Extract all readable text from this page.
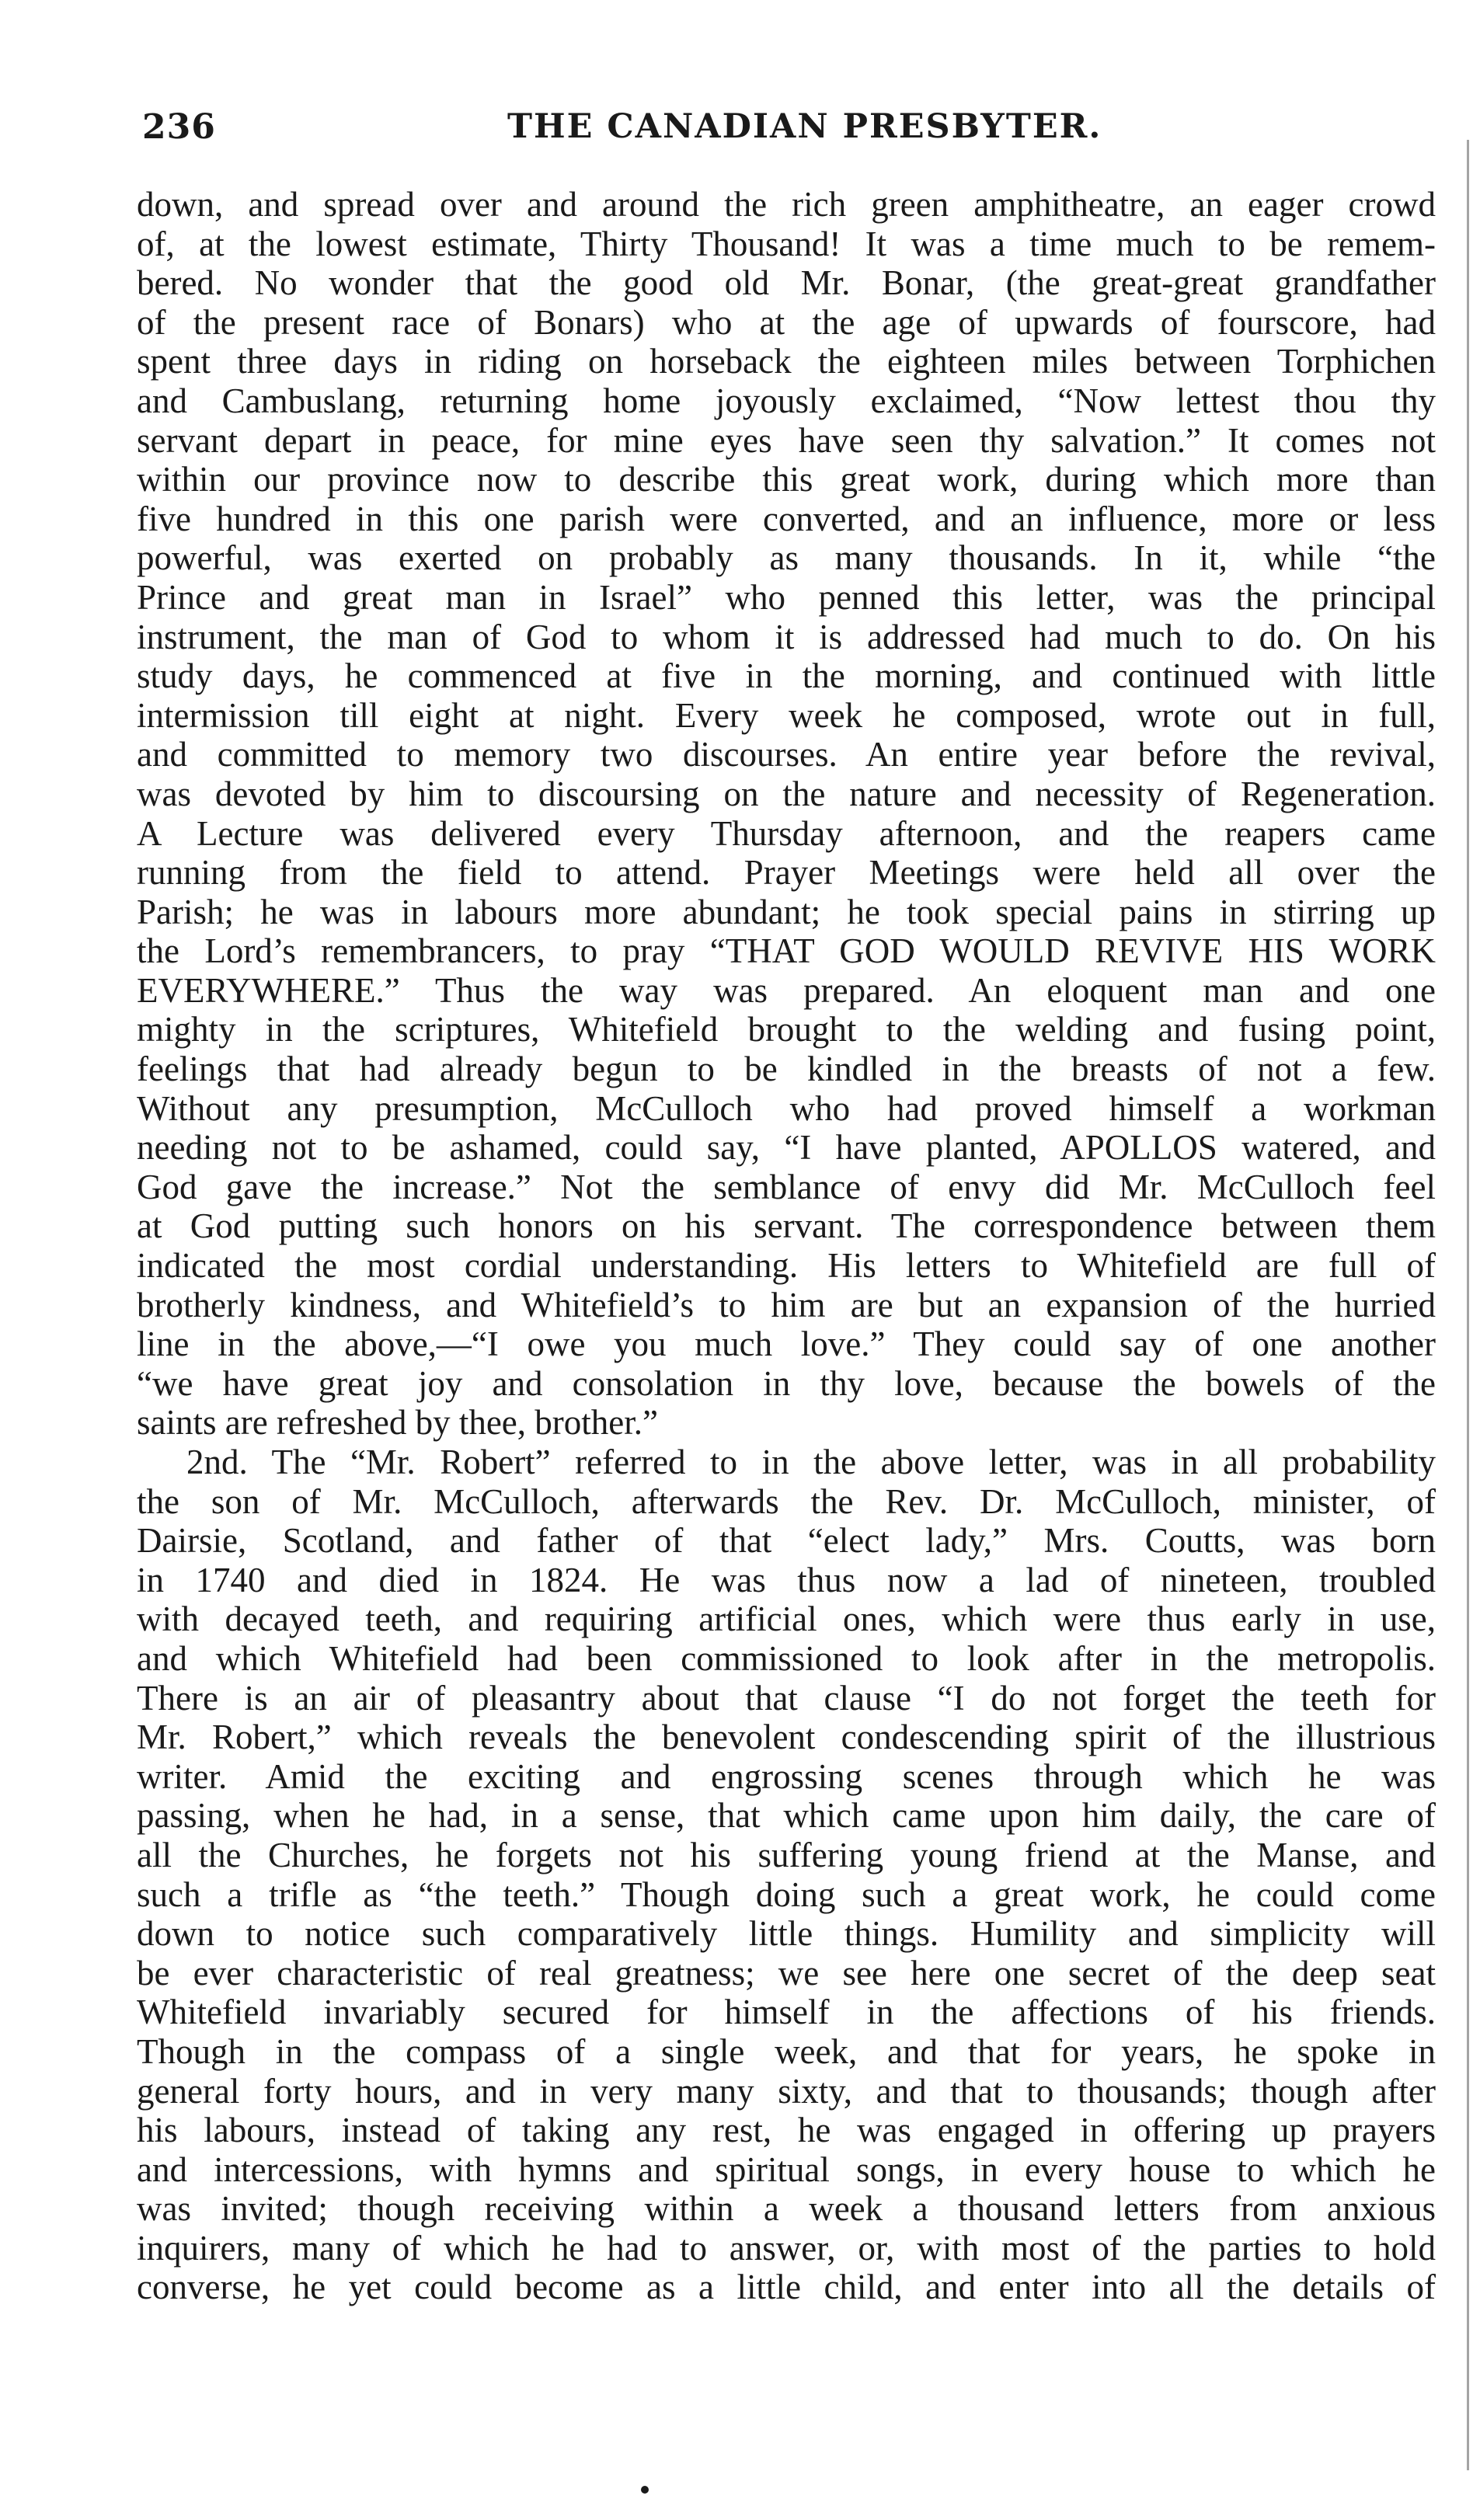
236	THE CANADIAN PRESBYTER.
down, and spread over and around the rich green amphitheatre, an eager crowd
of, at the lowest estimate, Thirty Thousand! It was a time much to be remem-
bered. No wonder that the good old Mr. Bonar, (the great-great grandfather
of the present race of Bonars) who at the age of upwards of fourscore, had
spent three days in riding on horseback the eighteen miles between Torphichen
and Cambuslang, returning home joyously exclaimed, “Now lettest thou thy
servant depart in peace, for mine eyes have seen thy salvation.” It comes not
within our province now to describe this great work, during which more than
five hundred in this one parish were converted, and an influence, more or less
powerful, was exerted on probably as many thousands. In it, while “the
Prince and great man in Israel” who penned this letter, was the principal
instrument, the man of God to whom it is addressed had much to do. On his
study days, he commenced at five in the morning, and continued with little
intermission till eight at night. Every week he composed, wrote out in full,
and committed to memory two discourses. An entire year before the revival,
was devoted by him to discoursing on the nature and necessity of Regeneration.
A Lecture was delivered every Thursday afternoon, and the reapers came
running from the field to attend. Prayer Meetings were held all over the
Parish; he was in labours more abundant; he took special pains in stirring up
the Lord’s remembrancers, to pray “THAT GOD WOULD REVIVE HIS WORK
EVERYWHERE.” Thus the way was prepared. An eloquent man and one
mighty in the scriptures, Whitefield brought to the welding and fusing point,
feelings that had already begun to be kindled in the breasts of not a few.
Without any presumption, McCulloch who had proved himself a workman
needing not to be ashamed, could say, “I have planted, APOLLOS watered, and
God gave the increase.” Not the semblance of envy did Mr. McCulloch feel
at God putting such honors on his servant. The correspondence between them
indicated the most cordial understanding. His letters to Whitefield are full of
brotherly kindness, and Whitefield’s to him are but an expansion of the hurried
line in the above,—“I owe you much love.” They could say of one another
“we have great joy and consolation in thy love, because the bowels of the
saints are refreshed by thee, brother.”
2nd. The “Mr. Robert” referred to in the above letter, was in all probability
the son of Mr. McCulloch, afterwards the Rev. Dr. McCulloch, minister, of
Dairsie, Scotland, and father of that “elect lady,” Mrs. Coutts, was born
in 1740 and died in 1824. He was thus now a lad of nineteen, troubled
with decayed teeth, and requiring artificial ones, which were thus early in use,
and which Whitefield had been commissioned to look after in the metropolis.
There is an air of pleasantry about that clause “I do not forget the teeth for
Mr. Robert,” which reveals the benevolent condescending spirit of the illustrious
writer. Amid the exciting and engrossing scenes through which he was
passing, when he had, in a sense, that which came upon him daily, the care of
all the Churches, he forgets not his suffering young friend at the Manse, and
such a trifle as “the teeth.” Though doing such a great work, he could come
down to notice such comparatively little things. Humility and simplicity will
be ever characteristic of real greatness; we see here one secret of the deep seat
Whitefield invariably secured for himself in the affections of his friends.
Though in the compass of a single week, and that for years, he spoke in
general forty hours, and in very many sixty, and that to thousands; though after
his labours, instead of taking any rest, he was engaged in offering up prayers
and intercessions, with hymns and spiritual songs, in every house to which he
was invited; though receiving within a week a thousand letters from anxious
inquirers, many of which he had to answer, or, with most of the parties to hold
converse, he yet could become as a little child, and enter into all the details of
